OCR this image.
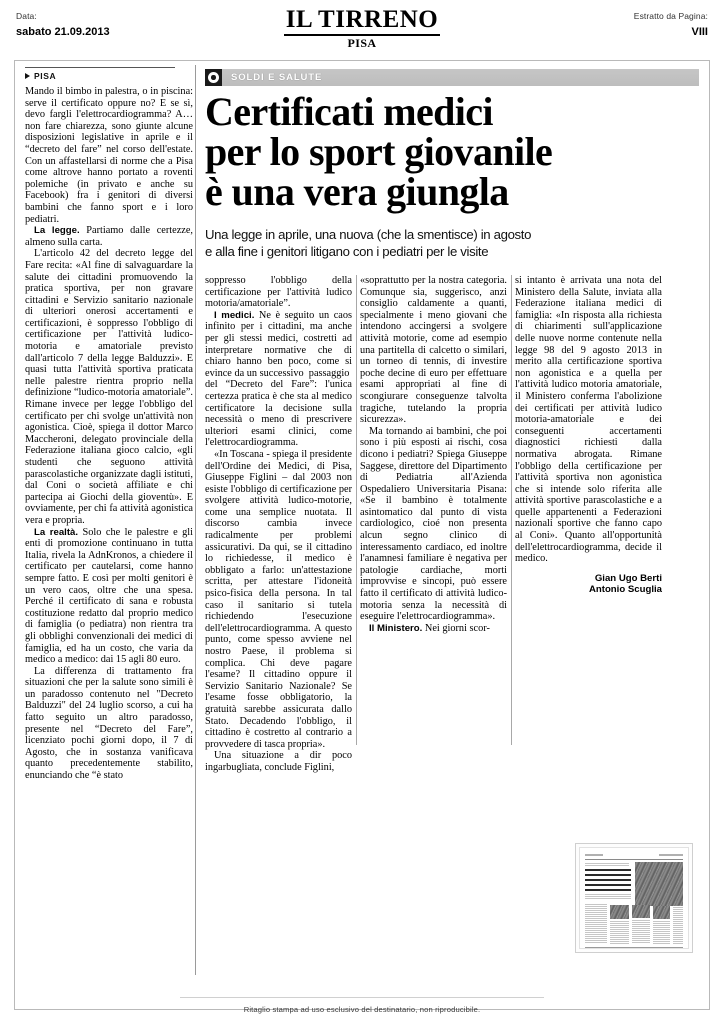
Data:
sabato 21.09.2013	IL TIRRENO
PISA
Estratto da Pagina:
VIII
PISA

Mando il bimbo in palestra, o in piscina: serve il certificato oppure no? E se sì, devo fargli l'elettrocardiogramma? A… non fare chiarezza, sono giunte alcune disposizioni legislative in aprile e il “decreto del fare” nel corso dell'estate. Con un affastellarsi di norme che a Pisa come altrove hanno portato a roventi polemiche (in privato e anche su Facebook) fra i genitori di diversi bambini che fanno sport e i loro pediatri.

La legge. Partiamo dalle certezze, almeno sulla carta.

L'articolo 42 del decreto legge del Fare recita: «Al fine di salvaguardare la salute dei cittadini promuovendo la pratica sportiva, per non gravare cittadini e Servizio sanitario nazionale di ulteriori onerosi accertamenti e certificazioni, è soppresso l'obbligo di certificazione per l'attività ludico-motoria e amatoriale previsto dall'articolo 7 della legge Balduzzi». E quasi tutta l'attività sportiva praticata nelle palestre rientra proprio nella definizione “ludico-motoria amatoriale”. Rimane invece per legge l'obbligo del certificato per chi svolge un'attività non agonistica. Cioè, spiega il dottor Marco Maccheroni, delegato provinciale della Federazione italiana gioco calcio, «gli studenti che seguono attività parascolastiche organizzate dagli istituti, dal Coni o società affiliate e chi partecipa ai Giochi della gioventù». E ovviamente, per chi fa attività agonistica vera e propria.

La realtà. Solo che le palestre e gli enti di promozione continuano in tutta Italia, rivela la AdnKronos, a chiedere il certificato per cautelarsi, come hanno sempre fatto. E così per molti genitori è un vero caos, oltre che una spesa. Perché il certificato di sana e robusta costituzione redatto dal proprio medico di famiglia (o pediatra) non rientra tra gli obblighi convenzionali dei medici di famiglia, ed ha un costo, che varia da medico a medico: dai 15 agli 80 euro.

La differenza di trattamento fra situazioni che per la salute sono simili è un paradosso contenuto nel "Decreto Balduzzi" del 24 luglio scorso, a cui ha fatto seguito un altro paradosso, presente nel “Decreto del Fare”, licenziato pochi giorni dopo, il 7 di Agosto, che in sostanza vanificava quanto precedentemente stabilito, enunciando che “è stato

SOLDI E SALUTE
Certificati medici
per lo sport giovanile
è una vera giungla
Una legge in aprile, una nuova (che la smentisce) in agosto
e alla fine i genitori litigano con i pediatri per le visite

soppresso l'obbligo della certificazione per l'attività ludico motoria/amatoriale”.

I medici. Ne è seguito un caos infinito per i cittadini, ma anche per gli stessi medici, costretti ad interpretare normative che di chiaro hanno ben poco, come si evince da un successivo  passaggio  del “Decreto del Fare”: l'unica certezza pratica è che sta al medico certificatore la decisione sulla necessità o meno di prescrivere ulteriori esami clinici, come l'elettrocardiogramma.

«In Toscana - spiega il presidente dell'Ordine dei Medici, di Pisa, Giuseppe Figlini – dal 2003 non esiste l'obbligo di certificazione per svolgere attività ludico-motorie, come una semplice nuotata. Il discorso cambia invece radicalmente per problemi assicurativi. Da qui, se il cittadino lo richiedesse, il medico è obbligato a farlo: un'attestazione scritta, per attestare l'idoneità psico-fisica della persona. In tal caso il sanitario si tutela richiedendo l'esecuzione dell'elettrocardiogramma. A questo punto, come spesso avviene nel nostro Paese, il problema si complica. Chi deve pagare l'esame? Il cittadino oppure il Servizio Sanitario Nazionale? Se l'esame fosse obbligatorio, la gratuità sarebbe assicurata dallo Stato. Decadendo l'obbligo, il cittadino è costretto al contrario a provvedere di tasca propria».

Una situazione a dir poco ingarbugliata, conclude Figlini,

«soprattutto per la nostra categoria. Comunque sia, suggerisco, anzi consiglio caldamente a quanti, specialmente i meno giovani che intendono accingersi a svolgere attività motorie, come ad esempio una partitella di calcetto o similari, un torneo di tennis, di investire poche decine di euro per effettuare esami appropriati al fine di scongiurare conseguenze talvolta tragiche, tutelando la propria sicurezza».

Ma tornando ai bambini, che poi sono i più esposti ai rischi, cosa dicono i pediatri? Spiega Giuseppe Saggese, direttore del Dipartimento di Pediatria all'Azienda Ospedaliero Universitaria Pisana: «Se il bambino è totalmente asintomatico dal punto di vista cardiologico, cioé non presenta alcun segno clinico di interessamento cardiaco, ed inoltre l'anamnesi familiare è negativa per patologie cardiache, morti improvvise e sincopi, può essere fatto il certificato di attività ludico-motoria senza la necessità di eseguire l'elettrocardiogramma».

Il Ministero. Nei giorni scor-

si intanto è arrivata una nota del Ministero della Salute, inviata alla Federazione italiana medici di famiglia: «In risposta alla richiesta di chiarimenti sull'applicazione delle nuove norme contenute nella legge 98 del 9 agosto 2013 in merito alla certificazione sportiva non agonistica e a quella per l'attività ludico motoria amatoriale, il Ministero conferma l'abolizione dei certificati per attività ludico motoria-amatoriale e dei conseguenti accertamenti diagnostici richiesti dalla normativa abrogata. Rimane l'obbligo della certificazione per l'attività sportiva non agonistica che si intende solo riferita alle attività sportive parascolastiche e a quelle appartenenti a Federazioni nazionali sportive che fanno capo al Coni». Quanto all'opportunità dell'elettrocardiogramma, decide il medico.

Gian Ugo Berti
Antonio Scuglia
Ritaglio stampa ad uso esclusivo del destinatario, non riproducibile.
